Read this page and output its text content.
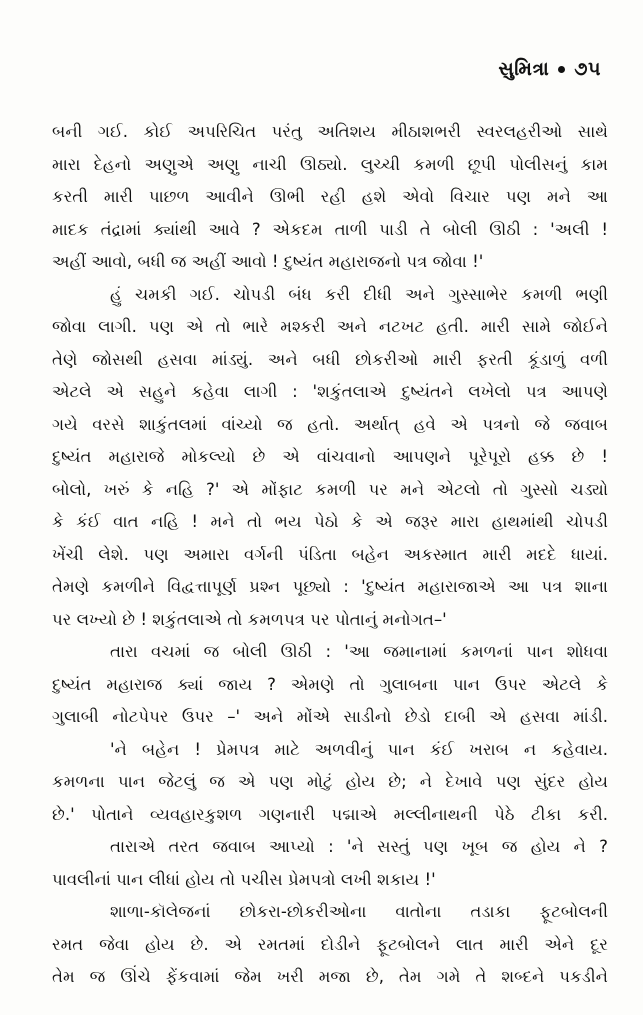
સુમિત્રા ૭૫
બની ગઈ. કોઈ અપરિચિત પરંતુ અતિશય મીઠાશભરી સ્વરલહરીઓ સાથે
મારા દેહનો અણુએ અણુ નાચી ઊઠ્યો. લુચ્ચી કમળી છૂપી પોલીસનું કામ
કરતી મારી પાછળ આવીને ઊભી રહી હશે એવો વિચાર પણ મને આ
માદક તંદ્રામાં ક્યાંથી આવે ? એકદમ તાળી પાડી તે બોલી ઊઠી : 'અલી !
અહીં આવો, બધી જ અહીં આવો ! દુષ્યંત મહારાજનો પત્ર જોવા !'
હું ચમકી ગઈ. ચોપડી બંધ કરી દીધી અને ગુસ્સાભેર કમળી ભણી
જોવા લાગી. પણ એ તો ભારે મશ્કરી અને નટખટ હતી. મારી સામે જોઈને
તેણે જોસથી હસવા માંડ્યું. અને બધી છોકરીઓ મારી ફરતી કૂંડાળું વળી
એટલે એ સહુને કહેવા લાગી : 'શકુંતલાએ દુષ્યંતને લખેલો પત્ર આપણે
ગયે વરસે શાકુંતલમાં વાંચ્યો જ હતો. અર્થાત્ હવે એ પત્રનો જે જવાબ
દુષ્યંત મહારાજે મોકલ્યો છે એ વાંચવાનો આપણને પૂરેપૂરો હક્ક છે !
બોલો, ખરું કે નહિ ?' એ મોંફાટ કમળી પર મને એટલો તો ગુસ્સો ચડ્યો
કે કંઈ વાત નહિ ! મને તો ભય પેઠો કે એ જરૂર મારા હાથમાંથી ચોપડી
ખેંચી લેશે. પણ અમારા વર્ગની પંડિતા બહેન અકસ્માત મારી મદદે ધાયાં.
તેમણે કમળીને વિદ્વત્તાપૂર્ણ પ્રશ્ન પૂછ્યો : 'દુષ્યંત મહારાજાએ આ પત્ર શાના
પર લખ્યો છે ! શકુંતલાએ તો કમળપત્ર પર પોતાનું મનોગત–'
તારા વચમાં જ બોલી ઊઠી : 'આ જમાનામાં કમળનાં પાન શોધવા
દુષ્યંત મહારાજ ક્યાં જાય ? એમણે તો ગુલાબના પાન ઉપર એટલે કે
ગુલાબી નોટપેપર ઉપર –' અને મોંએ સાડીનો છેડો દાબી એ હસવા માંડી.
'ને બહેન ! પ્રેમપત્ર માટે અળવીનું પાન કંઈ ખરાબ ન કહેવાય.
કમળના પાન જેટલું જ એ પણ મોટું હોય છે; ને દેખાવે પણ સુંદર હોય
છે.' પોતાને વ્યવહારકુશળ ગણનારી પદ્માએ મલ્લીનાથની પેઠે ટીકા કરી.
તારાએ તરત જવાબ આપ્યો : 'ને સસ્તું પણ ખૂબ જ હોય ને ?
પાવલીનાં પાન લીધાં હોય તો પચીસ પ્રેમપત્રો લખી શકાય !'
શાળા-કૉલેજનાં છોકરા-છોકરીઓના વાતોના તડાકા ફૂટબોલની
રમત જેવા હોય છે. એ રમતમાં દોડીને ફૂટબોલને લાત મારી એને દૂર
તેમ જ ઊંચે ફેંકવામાં જેમ ખરી મજા છે, તેમ ગમે તે શબ્દને પકડીને
